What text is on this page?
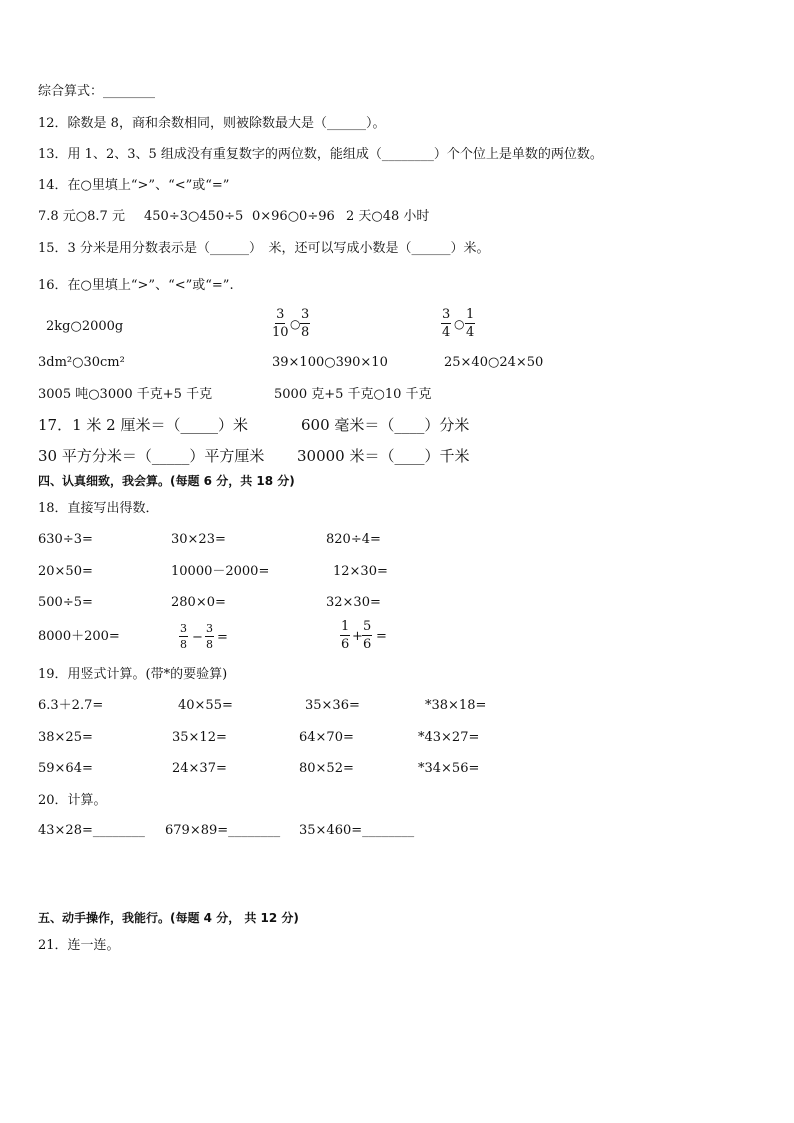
综合算式：________
12．除数是 8，商和余数相同，则被除数最大是（______）。
13．用 1、2、3、5 组成没有重复数字的两位数，能组成（________）个个位上是单数的两位数。
14．在○里填上“>”、“<”或“=”
7.8 元○8.7 元 450÷3○450÷5 0×96○0÷96 2 天○48 小时
15．3 分米是用分数表示是（______）　米，还可以写成小数是（______）米。
16．在○里填上“>”、“<”或“=”.
2kg○2000g	$\frac{3}{10}$ ○ $\frac{3}{8}$	$\frac{3}{4}$ ○ $\frac{1}{4}$
3dm²○30cm²	39×100○390×10	25×40○24×50
3005 吨○3000 千克+5 千克	5000 克+5 千克○10 千克
17．1 米 2 厘米＝（_____）米	600 毫米＝（____）分米
30 平方分米＝（_____）平方厘米 30000 米＝（____）千米
四、认真细致，我会算。(每题 6 分，共 18 分)
18．直接写出得数．
630÷3=	30×23=	820÷4=
20×50=	10000－2000=	12×30=
500÷5=	280×0=	32×30=
8000＋200=	$\frac{3}{8} - \frac{3}{8}$ =	$\frac{1}{6} + \frac{5}{6}$ =
19．用竖式计算。(带*的要验算)
6.3＋2.7=	40×55=	35×36=	*38×18=
38×25=	35×12=	64×70=	*43×27=
59×64=	24×37=	80×52=	*34×56=
20．计算。
43×28=________ 679×89=________ 35×460=________
五、动手操作，我能行。(每题 4 分， 共 12 分)
21．连一连。
